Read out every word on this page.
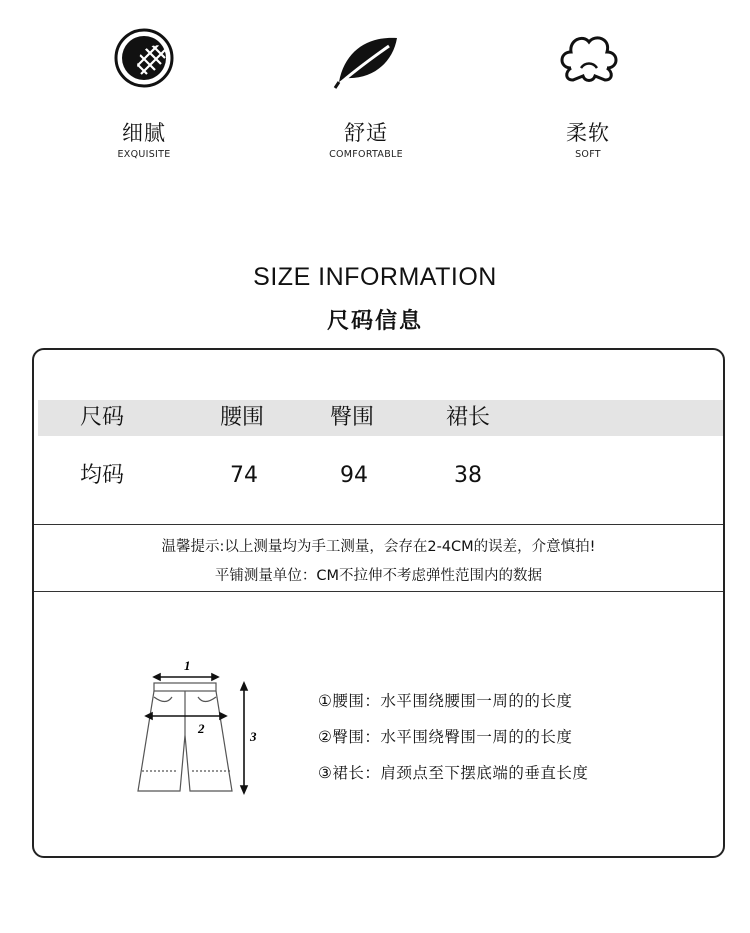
细腻
EXQUISITE
舒适
COMFORTABLE
柔软
SOFT
SIZE INFORMATION
尺码信息
尺码	腰围	臀围	裙长
均码	74	94	38
温馨提示:以上测量均为手工测量，会存在2-4CM的误差，介意慎拍!
平铺测量单位：CM不拉伸不考虑弹性范围内的数据
1
2
3
①腰围：水平围绕腰围一周的的长度
②臀围：水平围绕臀围一周的的长度
③裙长：肩颈点至下摆底端的垂直长度
